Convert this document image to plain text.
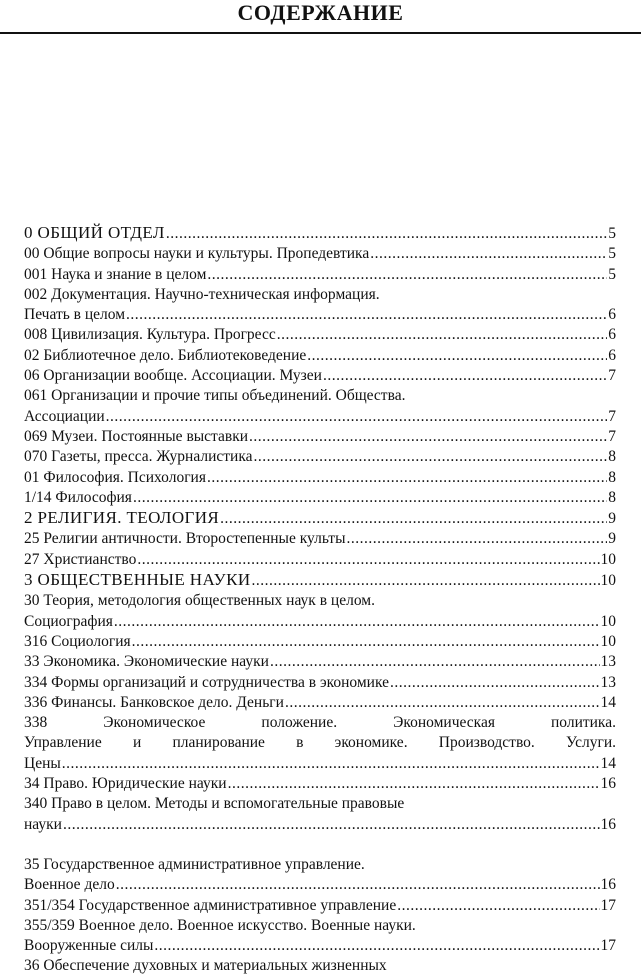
СОДЕРЖАНИЕ
0 ОБЩИЙ ОТДЕЛ .....	5
00 Общие вопросы науки и культуры. Пропедевтика .....	5
001 Наука и знание в целом .....	5
002 Документация. Научно-техническая информация.
Печать в целом .....	6
008 Цивилизация. Культура. Прогресс .....	6
02 Библиотечное дело. Библиотековедение .....	6
06 Организации вообще. Ассоциации. Музеи .....	7
061 Организации и прочие типы объединений. Общества.
Ассоциации .....	7
069 Музеи. Постоянные выставки .....	7
070 Газеты, пресса. Журналистика .....	8
01 Философия. Психология .....	8
1/14 Философия .....	8
2 РЕЛИГИЯ. ТЕОЛОГИЯ .....	9
25 Религии античности. Второстепенные культы .....	9
27 Христианство .....	10
3 ОБЩЕСТВЕННЫЕ НАУКИ .....	10
30 Теория, методология общественных наук в целом.
Социография .....	10
316 Социология .....	10
33 Экономика. Экономические науки .....	13
334 Формы организаций и сотрудничества в экономике .....	13
336 Финансы. Банковское дело. Деньги .....	14
338 Экономическое положение. Экономическая политика.
Управление и планирование в экономике. Производство. Услуги.
Цены .....	14
34 Право. Юридические науки .....	16
340 Право в целом. Методы и вспомогательные правовые
науки .....	16
35 Государственное административное управление.
Военное дело .....	16
351/354 Государственное административное управление .....	17
355/359 Военное дело. Военное искусство. Военные науки.
Вооруженные силы .....	17
36 Обеспечение духовных и материальных жизненных
